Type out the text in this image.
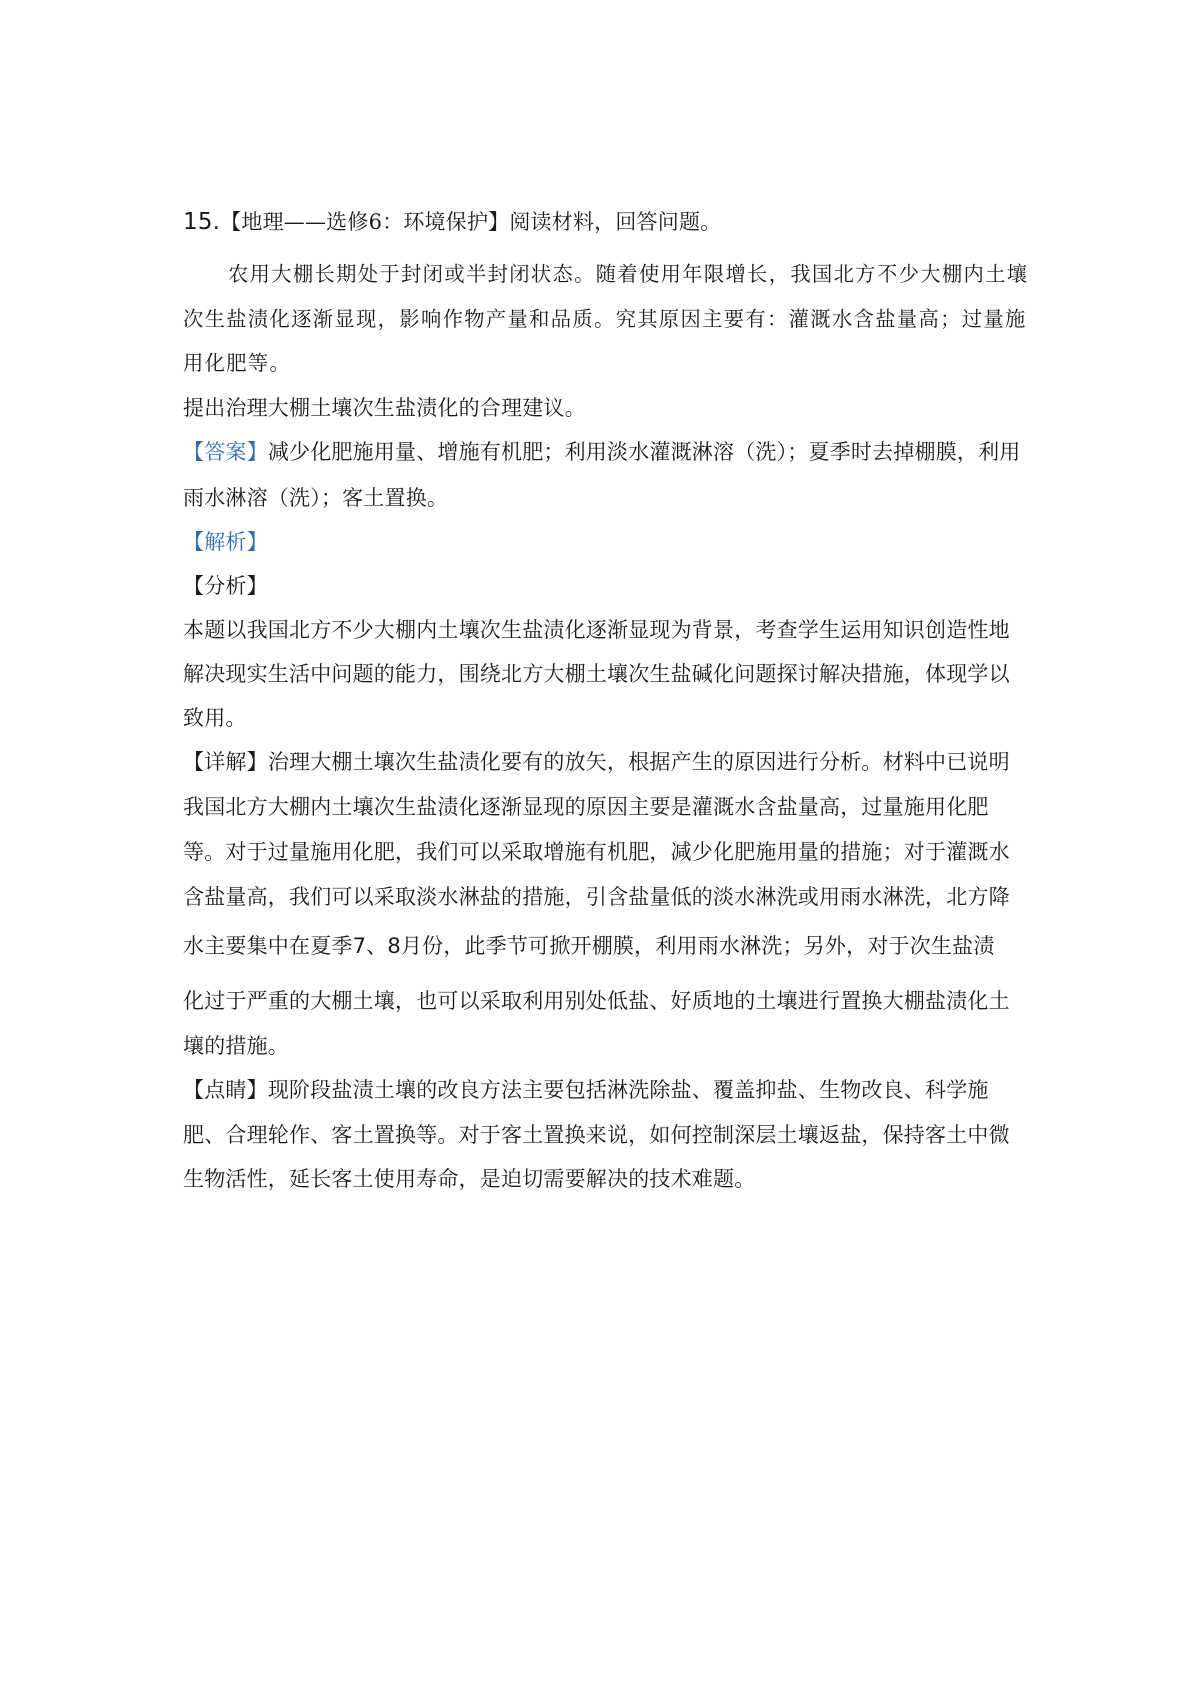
15.【地理——选修6：环境保护】阅读材料，回答问题。
农用大棚长期处于封闭或半封闭状态。随着使用年限增长，我国北方不少大棚内土壤
次生盐渍化逐渐显现，影响作物产量和品质。究其原因主要有：灌溉水含盐量高；过量施
用化肥等。
提出治理大棚土壤次生盐渍化的合理建议。
【答案】减少化肥施用量、增施有机肥；利用淡水灌溉淋溶（洗）；夏季时去掉棚膜，利用
雨水淋溶（洗）；客土置换。
【解析】
【分析】
本题以我国北方不少大棚内土壤次生盐渍化逐渐显现为背景，考查学生运用知识创造性地
解决现实生活中问题的能力，围绕北方大棚土壤次生盐碱化问题探讨解决措施，体现学以
致用。
【详解】治理大棚土壤次生盐渍化要有的放矢，根据产生的原因进行分析。材料中已说明
我国北方大棚内土壤次生盐渍化逐渐显现的原因主要是灌溉水含盐量高，过量施用化肥
等。对于过量施用化肥，我们可以采取增施有机肥，减少化肥施用量的措施；对于灌溉水
含盐量高，我们可以采取淡水淋盐的措施，引含盐量低的淡水淋洗或用雨水淋洗，北方降
水主要集中在夏季7、8月份，此季节可掀开棚膜，利用雨水淋洗；另外，对于次生盐渍
化过于严重的大棚土壤，也可以采取利用别处低盐、好质地的土壤进行置换大棚盐渍化土
壤的措施。
【点睛】现阶段盐渍土壤的改良方法主要包括淋洗除盐、覆盖抑盐、生物改良、科学施
肥、合理轮作、客土置换等。对于客土置换来说，如何控制深层土壤返盐，保持客土中微
生物活性，延长客土使用寿命，是迫切需要解决的技术难题。
